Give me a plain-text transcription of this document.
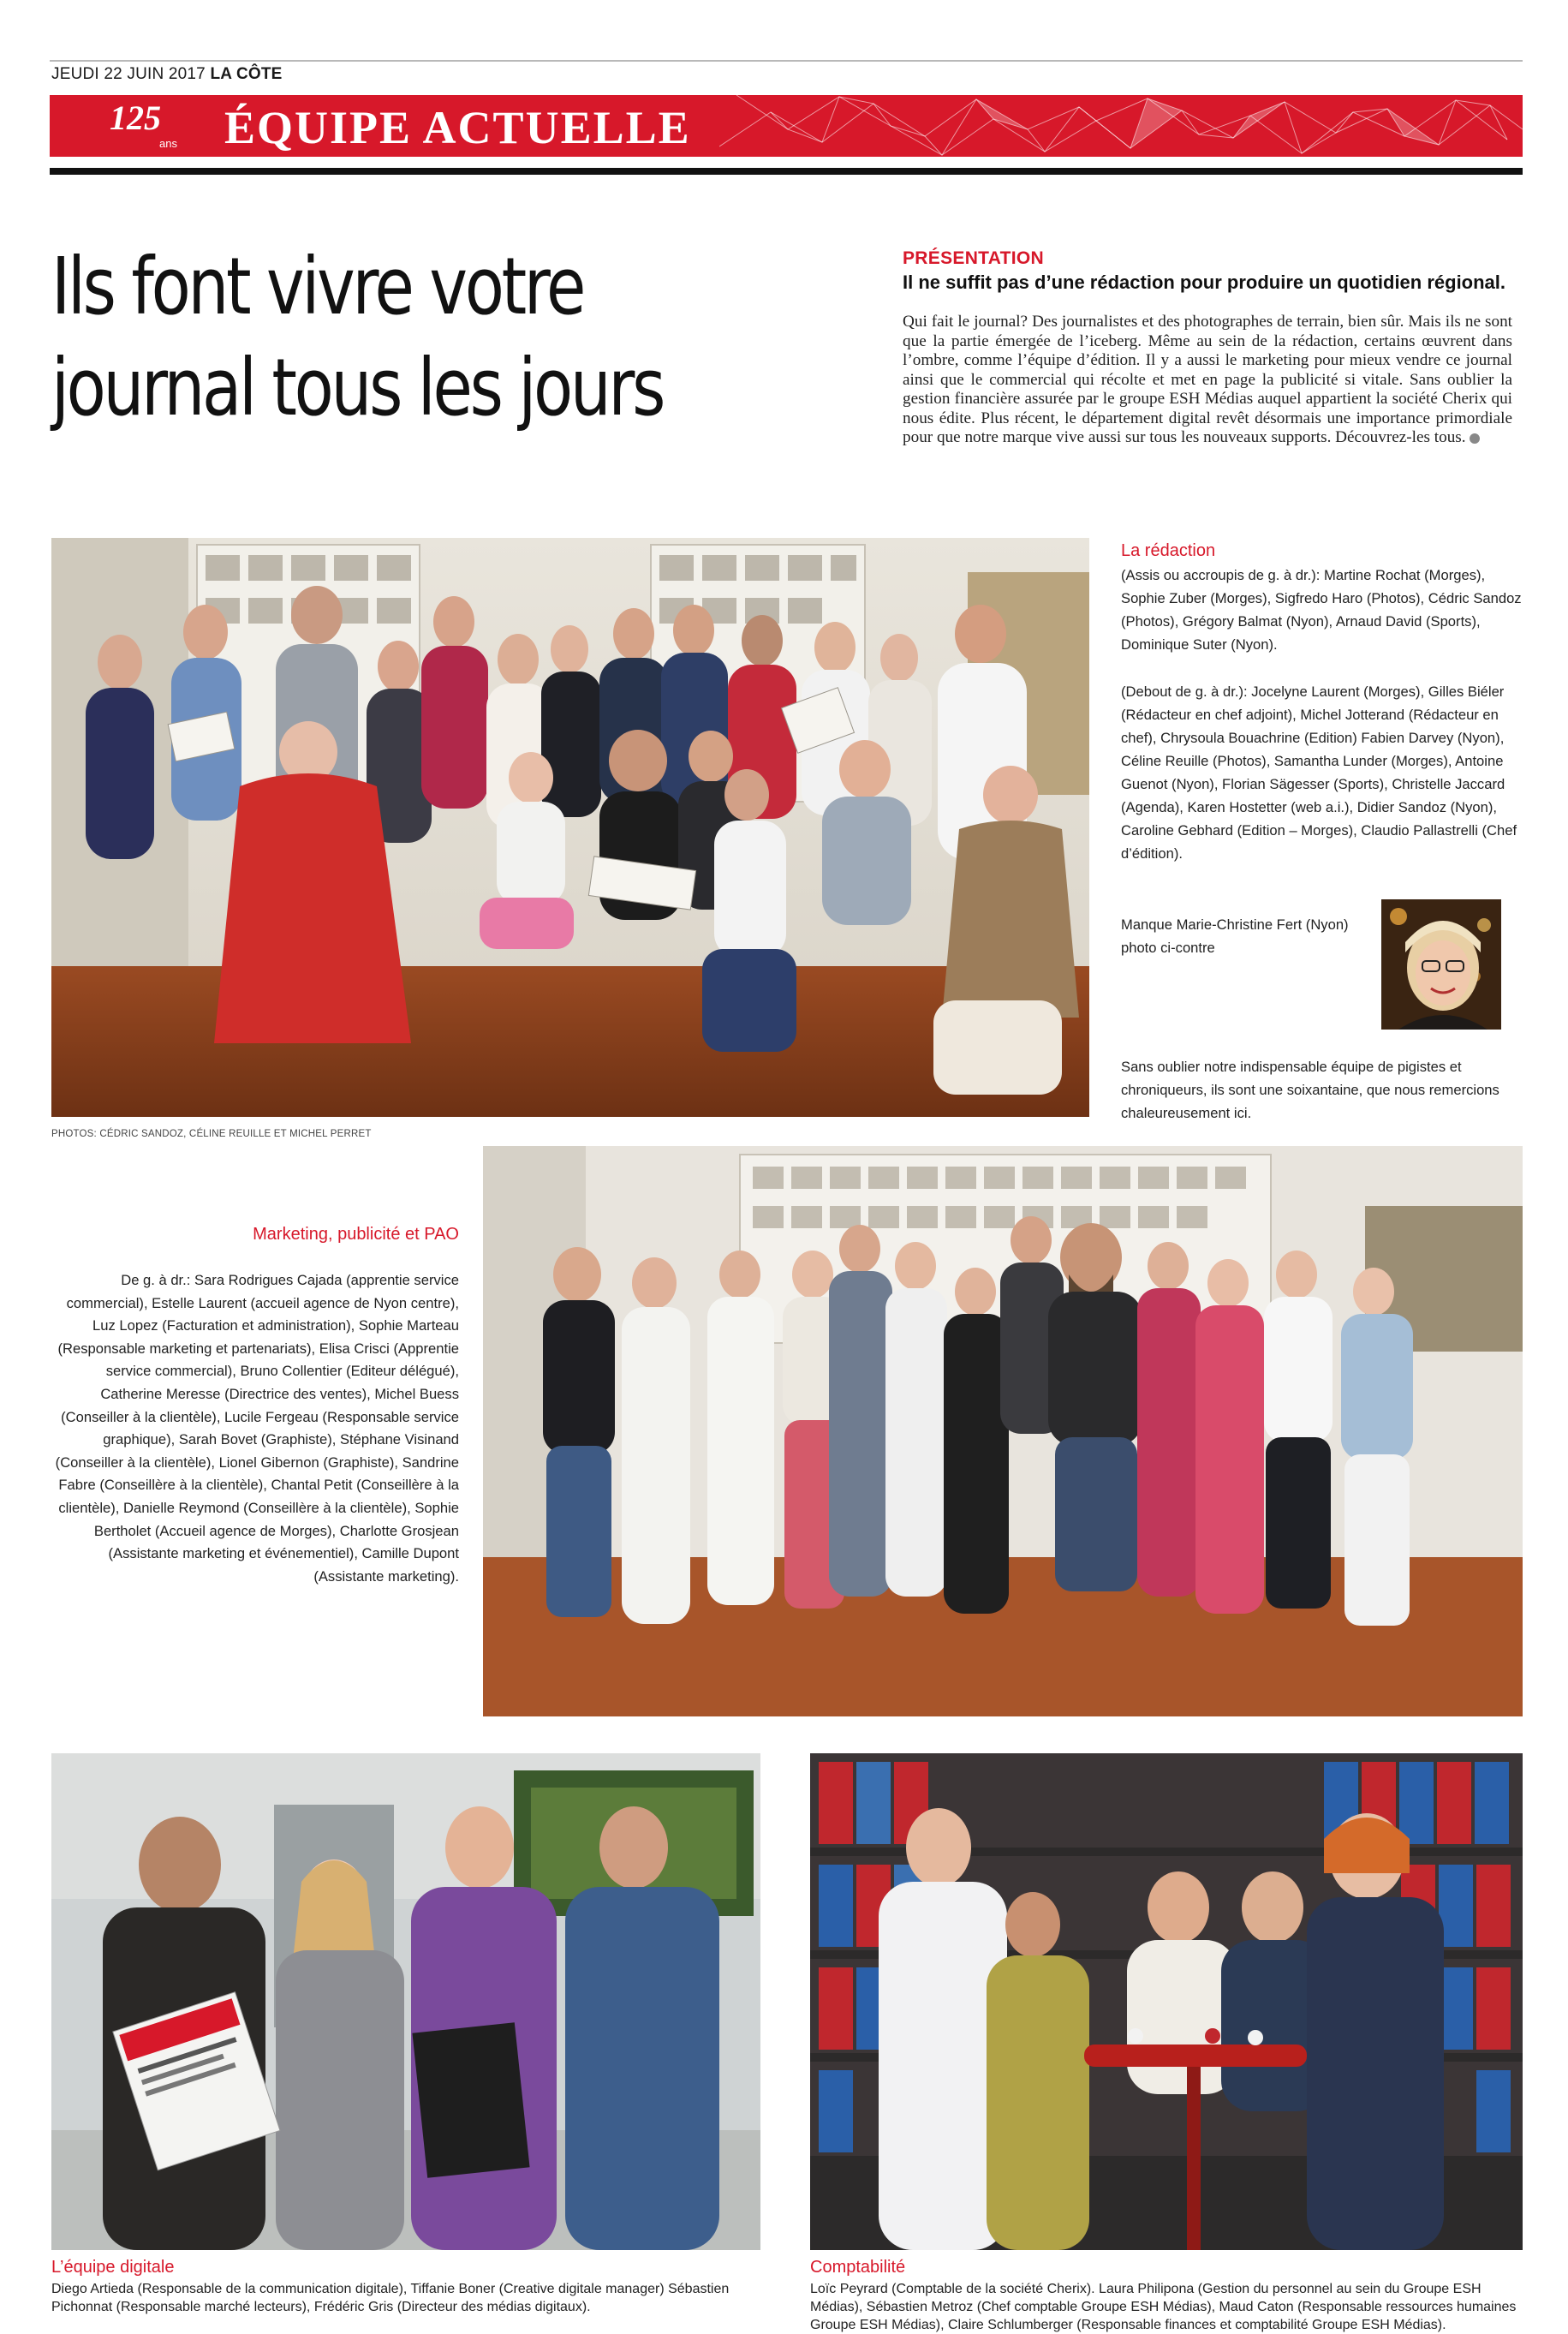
JEUDI 22 JUIN 2017 LA CÔTE
125
ans ÉQUIPE ACTUELLE
Ils font vivre votre
journal tous les jours
PRÉSENTATION
Il ne suffit pas d’une rédaction pour produire un quotidien régional.
Qui fait le journal? Des journalistes et des photographes de terrain, bien sûr. Mais ils ne sont que la partie émergée de l’iceberg. Même au sein de la rédaction, certains œuvrent dans l’ombre, comme l’équipe d’édition. Il y a aussi le marketing pour mieux vendre ce journal ainsi que le commercial qui récolte et met en page la publicité si vitale. Sans oublier la gestion financière assurée par le groupe ESH Médias auquel appartient la société Cherix qui nous édite. Plus récent, le département digital revêt désormais une importance primordiale pour que notre marque vive aussi sur tous les nouveaux supports. Découvrez-les tous.
PHOTOS: CÉDRIC SANDOZ, CÉLINE REUILLE ET MICHEL PERRET
La rédaction
(Assis ou accroupis de g. à dr.): Martine Rochat (Morges), Sophie Zuber (Morges), Sigfredo Haro (Photos), Cédric Sandoz (Photos), Grégory Balmat (Nyon), Arnaud David (Sports), Dominique Suter (Nyon).
(Debout de g. à dr.): Jocelyne Laurent (Morges), Gilles Biéler (Rédacteur en chef adjoint), Michel Jotterand (Rédacteur en chef), Chrysoula Bouachrine (Edition) Fabien Darvey (Nyon), Céline Reuille (Photos), Samantha Lunder (Morges), Antoine Guenot (Nyon), Florian Sägesser (Sports), Christelle Jaccard (Agenda), Karen Hostetter (web a.i.), Didier Sandoz (Nyon), Caroline Gebhard (Edition – Morges), Claudio Pallastrelli (Chef d’édition).
Manque Marie-Christine Fert (Nyon) photo ci-contre
Sans oublier notre indispensable équipe de pigistes et chroniqueurs, ils sont une soixantaine, que nous remercions chaleureusement ici.
Marketing, publicité et PAO
De g. à dr.: Sara Rodrigues Cajada (apprentie service commercial), Estelle Laurent (accueil agence de Nyon centre), Luz Lopez (Facturation et administration), Sophie Marteau (Responsable marketing et partenariats), Elisa Crisci (Apprentie service commercial), Bruno Collentier (Editeur délégué), Catherine Meresse (Directrice des ventes), Michel Buess (Conseiller à la clientèle), Lucile Fergeau (Responsable service graphique), Sarah Bovet (Graphiste), Stéphane Visinand (Conseiller à la clientèle), Lionel Gibernon (Graphiste), Sandrine Fabre (Conseillère à la clientèle), Chantal Petit (Conseillère à la clientèle), Danielle Reymond (Conseillère à la clientèle), Sophie Bertholet (Accueil agence de Morges), Charlotte Grosjean (Assistante marketing et événementiel), Camille Dupont (Assistante marketing).
L’équipe digitale
Diego Artieda (Responsable de la communication digitale), Tiffanie Boner (Creative digitale manager) Sébastien Pichonnat (Responsable marché lecteurs), Frédéric Gris (Directeur des médias digitaux).
Comptabilité
Loïc Peyrard (Comptable de la société Cherix). Laura Philipona (Gestion du personnel au sein du Groupe ESH Médias), Sébastien Metroz (Chef comptable Groupe ESH Médias), Maud Caton (Responsable ressources humaines Groupe ESH Médias), Claire Schlumberger (Responsable finances et comptabilité Groupe ESH Médias).
